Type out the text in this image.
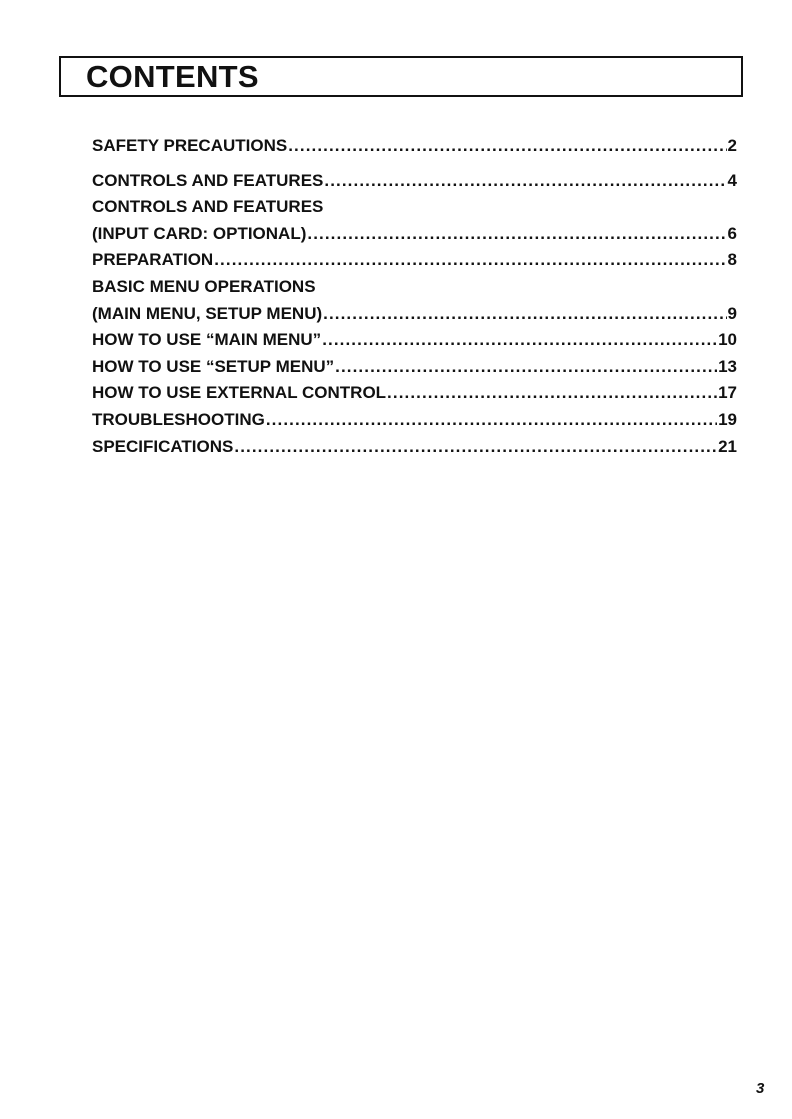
CONTENTS
SAFETY PRECAUTIONS .....	2
CONTROLS AND FEATURES .....	4
CONTROLS AND FEATURES
(INPUT CARD: OPTIONAL) .....	6
PREPARATION .....	8
BASIC MENU OPERATIONS
(MAIN MENU, SETUP MENU) .....	9
HOW TO USE “MAIN MENU” .....	10
HOW TO USE “SETUP MENU” .....	13
HOW TO USE EXTERNAL CONTROL .....	17
TROUBLESHOOTING .....	19
SPECIFICATIONS .....	21
3
